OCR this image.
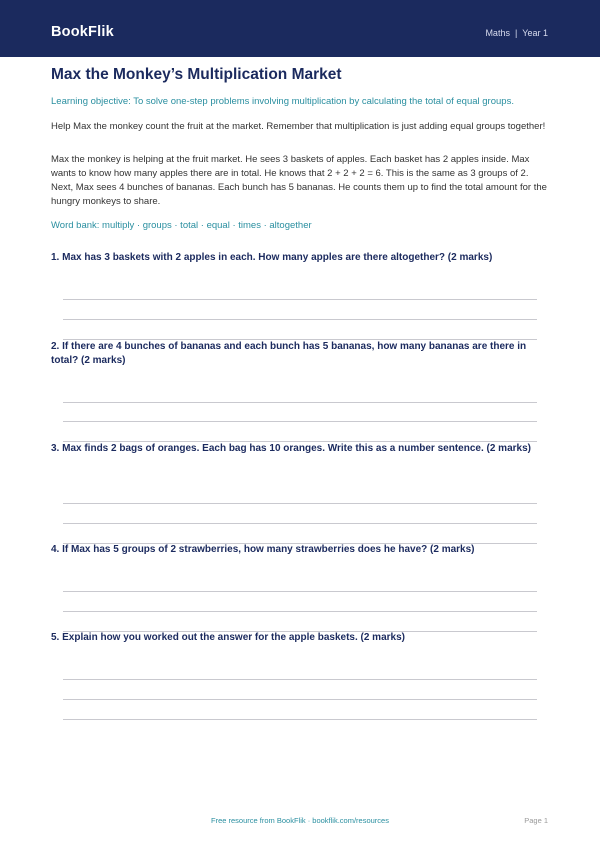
BookFlik	Maths | Year 1
Max the Monkey’s Multiplication Market
Learning objective: To solve one-step problems involving multiplication by calculating the total of equal groups.
Help Max the monkey count the fruit at the market. Remember that multiplication is just adding equal groups together!
Max the monkey is helping at the fruit market. He sees 3 baskets of apples. Each basket has 2 apples inside. Max wants to know how many apples there are in total. He knows that 2 + 2 + 2 = 6. This is the same as 3 groups of 2. Next, Max sees 4 bunches of bananas. Each bunch has 5 bananas. He counts them up to find the total amount for the hungry monkeys to share.
Word bank: multiply · groups · total · equal · times · altogether
1. Max has 3 baskets with 2 apples in each. How many apples are there altogether? (2 marks)
2. If there are 4 bunches of bananas and each bunch has 5 bananas, how many bananas are there in total? (2 marks)
3. Max finds 2 bags of oranges. Each bag has 10 oranges. Write this as a number sentence. (2 marks)
4. If Max has 5 groups of 2 strawberries, how many strawberries does he have? (2 marks)
5. Explain how you worked out the answer for the apple baskets. (2 marks)
Free resource from BookFlik · bookflik.com/resources	Page 1
